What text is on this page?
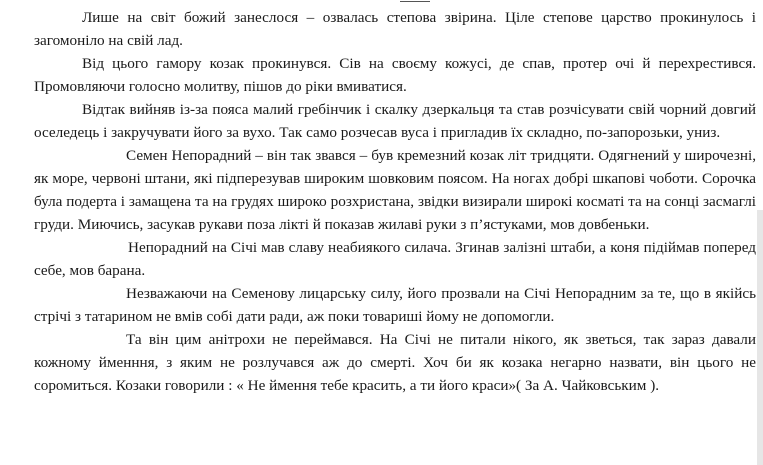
Лише на світ божий занеслося – озвалась степова звірина. Ціле степове царство прокинулось і загомоніло на свій лад.

Від цього гамору козак прокинувся. Сів на своєму кожусі, де спав, протер очі й перехрестився. Промовляючи голосно молитву, пішов до ріки вмиватися.

Відтак вийняв із-за пояса малий гребінчик і скалку дзеркальця та став розчісувати свій чорний довгий оселедець і закручувати його за вухо. Так само розчесав вуса і пригладив їх складно, по-запорозьки, униз.

Семен Непорадний – він так звався – був кремезний козак літ тридцяти. Одягнений у широчезні, як море, червоні штани, які підперезував широким шовковим поясом. На ногах добрі шкапові чоботи. Сорочка була подерта і замащена та на грудях широко розхристана, звідки визирали широкі косматі та на сонці засмаглі груди. Миючись, засукав рукави поза лікті й показав жилаві руки з п’ястуками, мов довбеньки.

Непорадний на Січі мав славу неабиякого силача. Згинав залізні штаби, а коня підіймав поперед себе, мов барана.

Незважаючи на Семенову лицарську силу, його прозвали на Січі Непорадним за те, що в якійсь стрічі з татарином не вмів собі дати ради, аж поки товариші йому не допомогли.

Та він цим анітрохи не переймався. На Січі не питали нікого, як зветься, так зараз давали кожному йменння, з яким не розлучався аж до смерті. Хоч би як козака негарно назвати, він цього не соромиться. Козаки говорили : « Не ймення тебе красить, а ти його краси»( За А. Чайковським ).
